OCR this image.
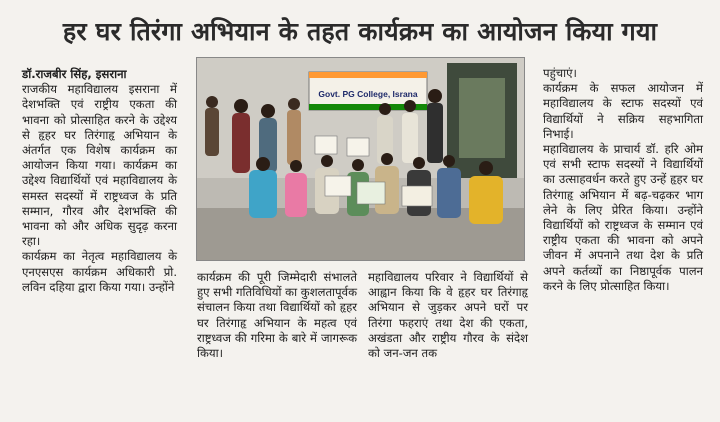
हर घर तिरंगा अभियान के तहत कार्यक्रम का आयोजन किया गया

डॉ.राजबीर सिंह, इसराना

राजकीय महाविद्यालय इसराना में देशभक्ति एवं राष्ट्रीय एकता की भावना को प्रोत्साहित करने के उद्देश्य से हृहर घर तिरंगाहृ अभियान के अंतर्गत एक विशेष कार्यक्रम का आयोजन किया गया। कार्यक्रम का उद्देश्य विद्यार्थियों एवं महाविद्यालय के समस्त सदस्यों में राष्ट्रध्वज के प्रति सम्मान, गौरव और देशभक्ति की भावना को और अधिक सुदृढ़ करना रहा।

कार्यक्रम का नेतृत्व महाविद्यालय के एनएसएस कार्यक्रम अधिकारी प्रो. लविन दहिया द्वारा किया गया। उन्होंने

Govt. PG College, Israna

कार्यक्रम की पूरी जिम्मेदारी संभालते हुए सभी गतिविधियों का कुशलतापूर्वक संचालन किया तथा विद्यार्थियों को हृहर घर तिरंगाहृ अभियान के महत्व एवं राष्ट्रध्वज की गरिमा के बारे में जागरूक किया।

महाविद्यालय परिवार ने विद्यार्थियों से आह्वान किया कि वे हृहर घर तिरंगाहृ अभियान से जुड़कर अपने घरों पर तिरंगा फहराएं तथा देश की एकता, अखंडता और राष्ट्रीय गौरव के संदेश को जन-जन तक

पहुंचाएं।

कार्यक्रम के सफल आयोजन में महाविद्यालय के स्टाफ सदस्यों एवं विद्यार्थियों ने सक्रिय सहभागिता निभाई।

महाविद्यालय के प्राचार्य डॉ. हरि ओम एवं सभी स्टाफ सदस्यों ने विद्यार्थियों का उत्साहवर्धन करते हुए उन्हें हृहर घर तिरंगाहृ अभियान में बढ़-चढ़कर भाग लेने के लिए प्रेरित किया। उन्होंने विद्यार्थियों को राष्ट्रध्वज के सम्मान एवं राष्ट्रीय एकता की भावना को अपने जीवन में अपनाने तथा देश के प्रति अपने कर्तव्यों का निष्ठापूर्वक पालन करने के लिए प्रोत्साहित किया।
